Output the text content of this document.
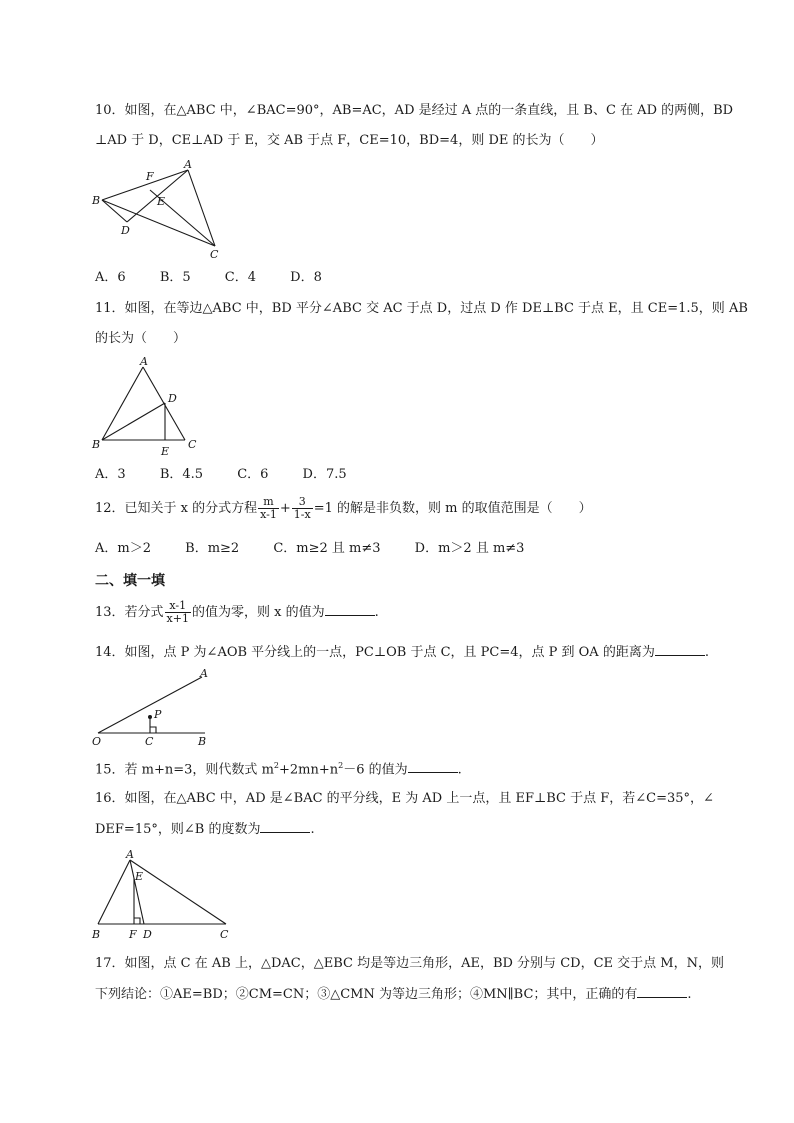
10．如图，在△ABC 中，∠BAC=90°，AB=AC，AD 是经过 A 点的一条直线，且 B、C 在 AD 的两侧，BD
⊥AD 于 D，CE⊥AD 于 E，交 AB 于点 F，CE=10，BD=4，则 DE 的长为（　　）
A
B
C
D
E
F
A．6	B．5	C．4	D．8
11．如图，在等边△ABC 中，BD 平分∠ABC 交 AC 于点 D，过点 D 作 DE⊥BC 于点 E，且 CE=1.5，则 AB
的长为（　　）
A
B	C
D
E
A．3	B．4.5	C．6	D．7.5
12．已知关于 x 的分式方程 $\frac{m}{x-1} + \frac{3}{1-x} =1$ 的解是非负数，则 m 的取值范围是（　　）
A．m＞2	B．m≥2	C．m≥2 且 m≠3	D．m＞2 且 m≠3
二、填一填
13．若分式 $\frac{x-1}{x+1}$ 的值为零，则 x 的值为	.
14．如图，点 P 为∠AOB 平分线上的一点，PC⊥OB 于点 C，且 PC=4，点 P 到 OA 的距离为	.
A
O
P
C	B
15．若 m+n=3，则代数式 $m^2+2mn+n^2-6$ 的值为	.
16．如图，在△ABC 中，AD 是∠BAC 的平分线，E 为 AD 上一点，且 EF⊥BC 于点 F，若∠C=35°，∠
DEF=15°，则∠B 的度数为	.
A
E
B	F D	C
17．如图，点 C 在 AB 上，△DAC，△EBC 均是等边三角形，AE，BD 分别与 CD，CE 交于点 M，N，则
下列结论：①AE=BD；②CM=CN；③△CMN 为等边三角形；④MN∥BC；其中，正确的有	.
